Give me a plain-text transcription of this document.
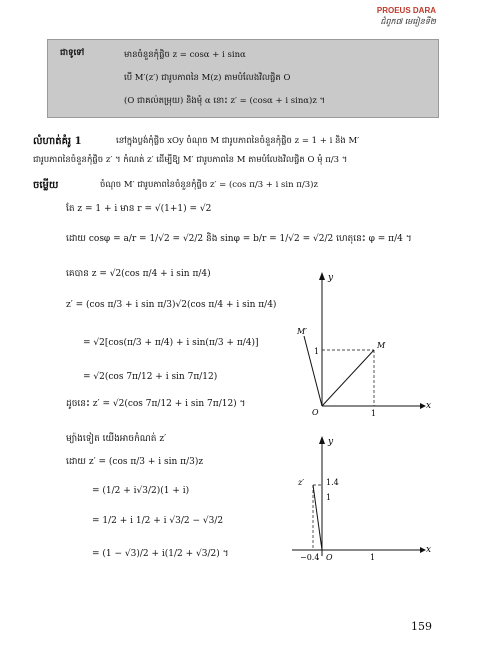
PROEUS DARA
ជំពូក៧ មេរៀនទី២
ជាទូទៅ	មានចំនួនកុំផ្លិច z = cosα + i sinα
បើ M′(z′) ជារូបភាពនៃ M(z) តាមបំលែងវិលផ្ចិត O
(O ជាគល់តម្រុយ) និងមុំ α នោះ z′ = (cosα + i sinα)z ។
លំហាត់គំរូ 1	នៅក្នុងប្លង់កុំផ្លិច xOy ចំណុច M ជារូបភាពនៃចំនួនកុំផ្លិច z = 1 + i និង M′
ជារូបភាពនៃចំនួនកុំផ្លិច z′ ។ កំណត់ z′ ដើម្បីឱ្យ M′ ជារូបភាពនៃ M តាមបំលែងវិលផ្ចិត O មុំ π/3 ។
ចម្លើយ	ចំណុច M′ ជារូបភាពនៃចំនួនកុំផ្លិច z′ = (cos π/3 + i sin π/3)z
តែ z = 1 + i មាន r = √(1+1) = √2
ដោយ cosφ = a/r = 1/√2 = √2/2 និង sinφ = b/r = 1/√2 = √2/2 ហេតុនេះ φ = π/4 ។
គេបាន z = √2(cos π/4 + i sin π/4)
z′ = (cos π/3 + i sin π/3)√2(cos π/4 + i sin π/4)
= √2[cos(π/3 + π/4) + i sin(π/3 + π/4)]
= √2(cos 7π/12 + i sin 7π/12)
ដូចនេះ z′ = √2(cos 7π/12 + i sin 7π/12) ។
ម្យ៉ាងទៀត យើងអាចកំណត់ z′
ដោយ z′ = (cos π/3 + i sin π/3)z
= (1/2 + i√3/2)(1 + i)
= 1/2 + i 1/2 + i √3/2 − √3/2
= (1 − √3)/2 + i(1/2 + √3/2) ។
y
x
O	1
1
M
M′
y
x
O	1
1
1.4
−0.4
z′
159
